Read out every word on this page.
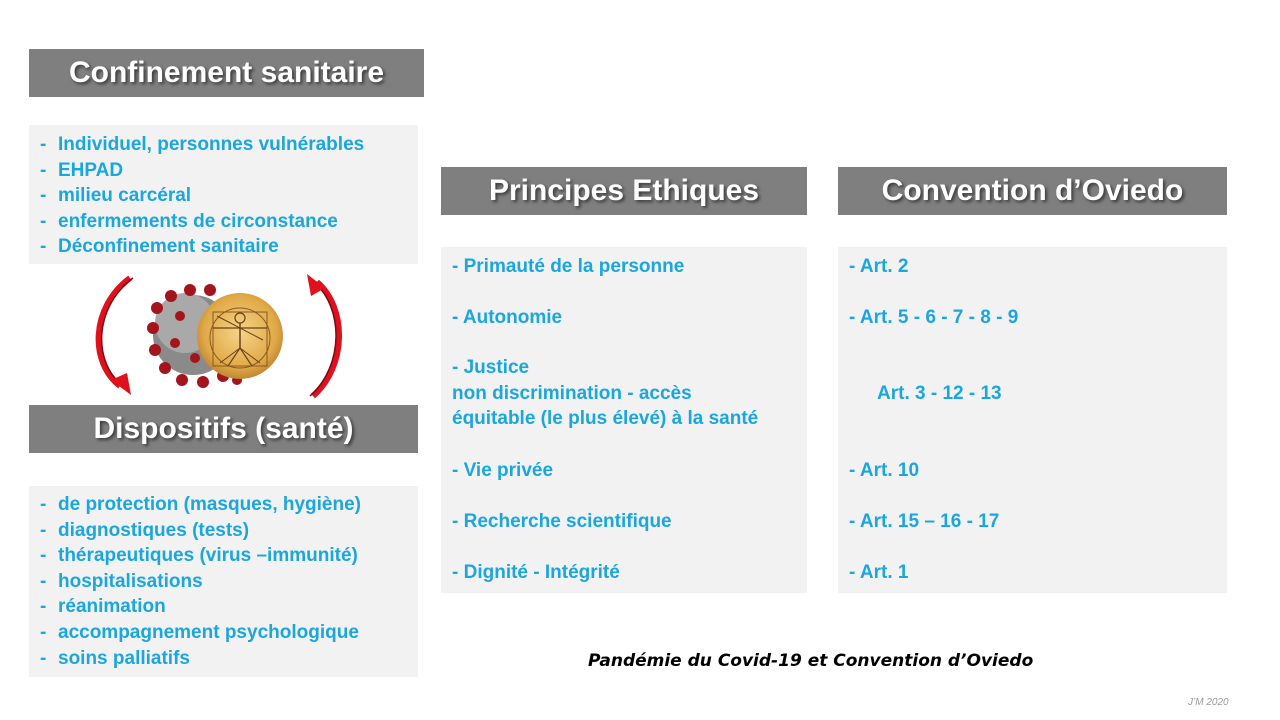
Confinement sanitaire
- Individuel, personnes vulnérables
- EHPAD
- milieu carcéral
- enfermements de circonstance
- Déconfinement sanitaire
Dispositifs (santé)
- de protection (masques, hygiène)
- diagnostiques (tests)
- thérapeutiques (virus –immunité)
- hospitalisations
- réanimation
- accompagnement psychologique
- soins palliatifs
Principes Ethiques
- Primauté de la personne
- Autonomie
- Justice
non discrimination - accès
équitable (le plus élevé) à la santé
- Vie privée
- Recherche scientifique
- Dignité - Intégrité
Convention d’Oviedo
- Art. 2
- Art. 5 - 6 - 7 - 8 - 9
Art. 3 - 12 - 13
- Art. 10
- Art. 15 – 16 - 17
- Art. 1
Pandémie du Covid-19 et Convention d’Oviedo
J’M 2020
